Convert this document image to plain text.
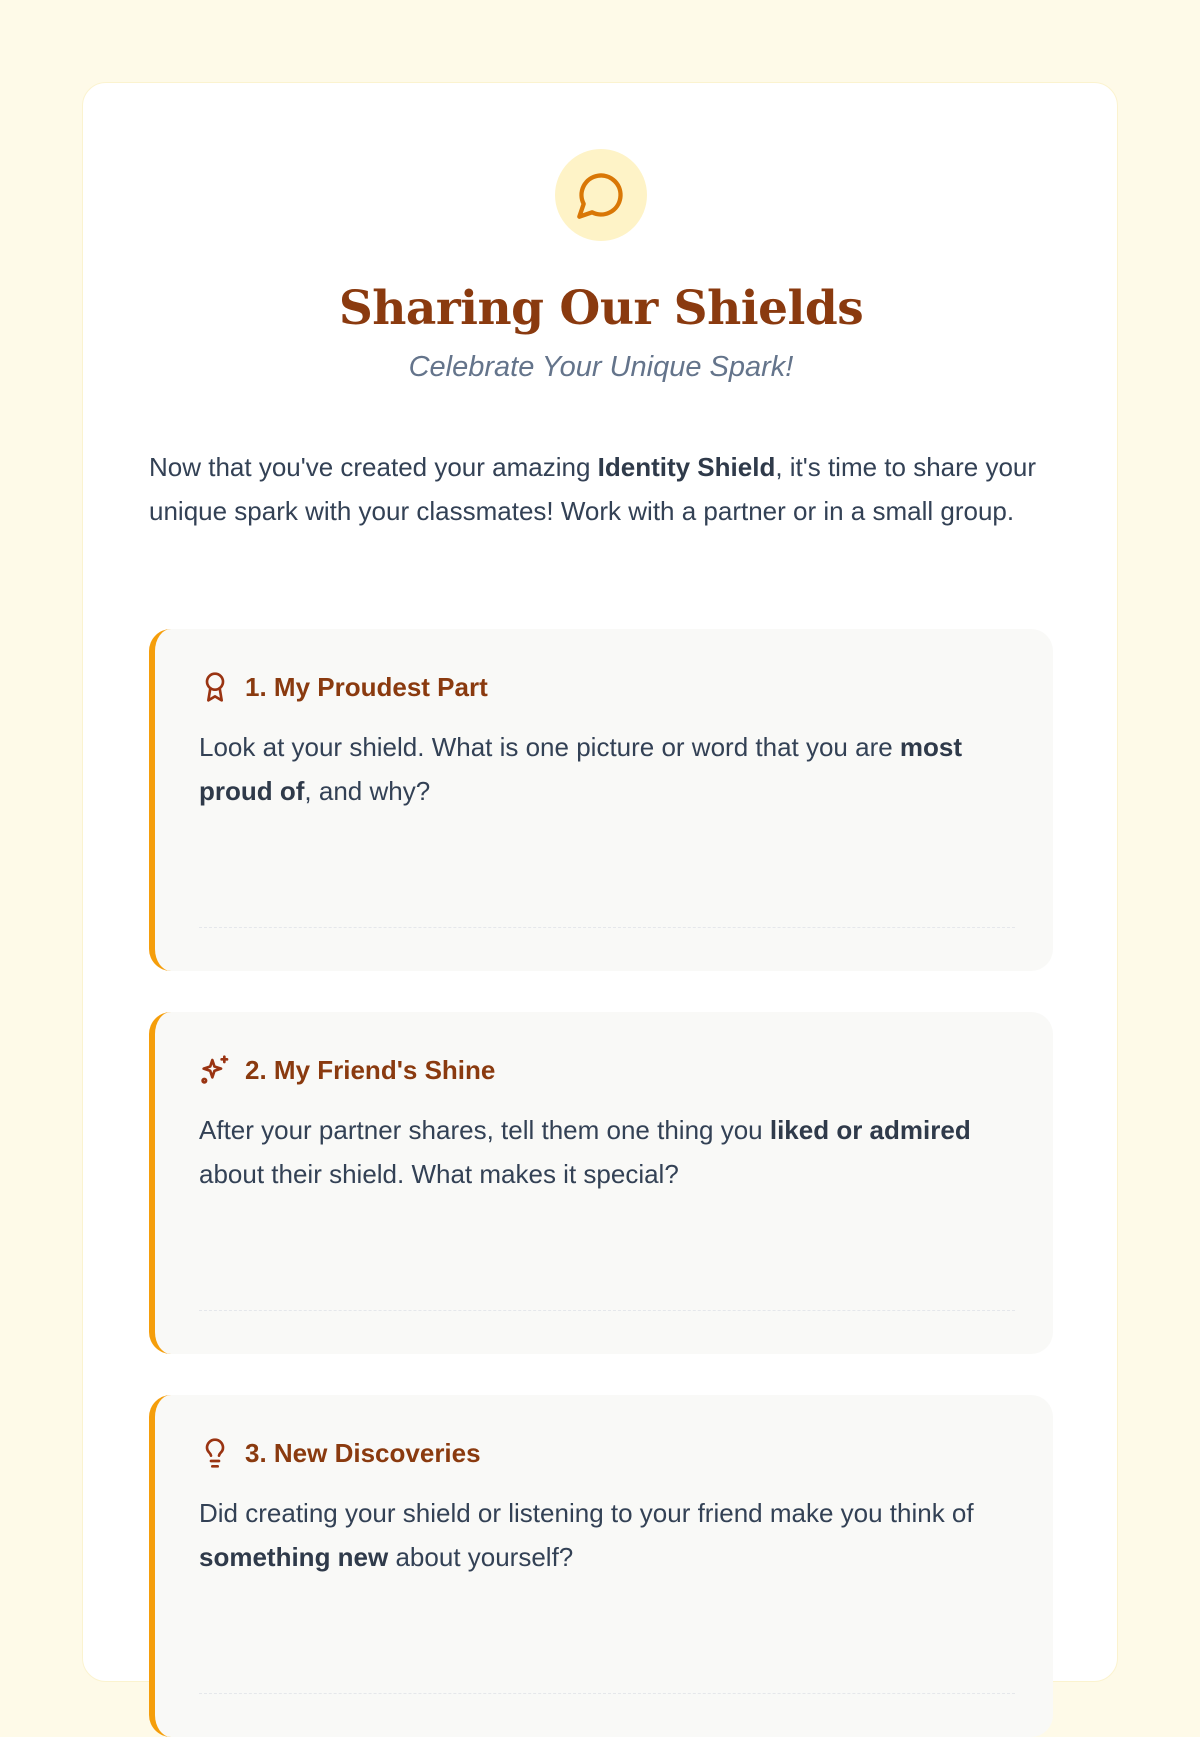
Sharing Our Shields

Celebrate Your Unique Spark!

Now that you've created your amazing Identity Shield, it's time to share your unique spark with your classmates! Work with a partner or in a small group.

1. My Proudest Part

Look at your shield. What is one picture or word that you are most proud of, and why?

2. My Friend's Shine

After your partner shares, tell them one thing you liked or admired about their shield. What makes it special?

3. New Discoveries

Did creating your shield or listening to your friend make you think of something new about yourself?
